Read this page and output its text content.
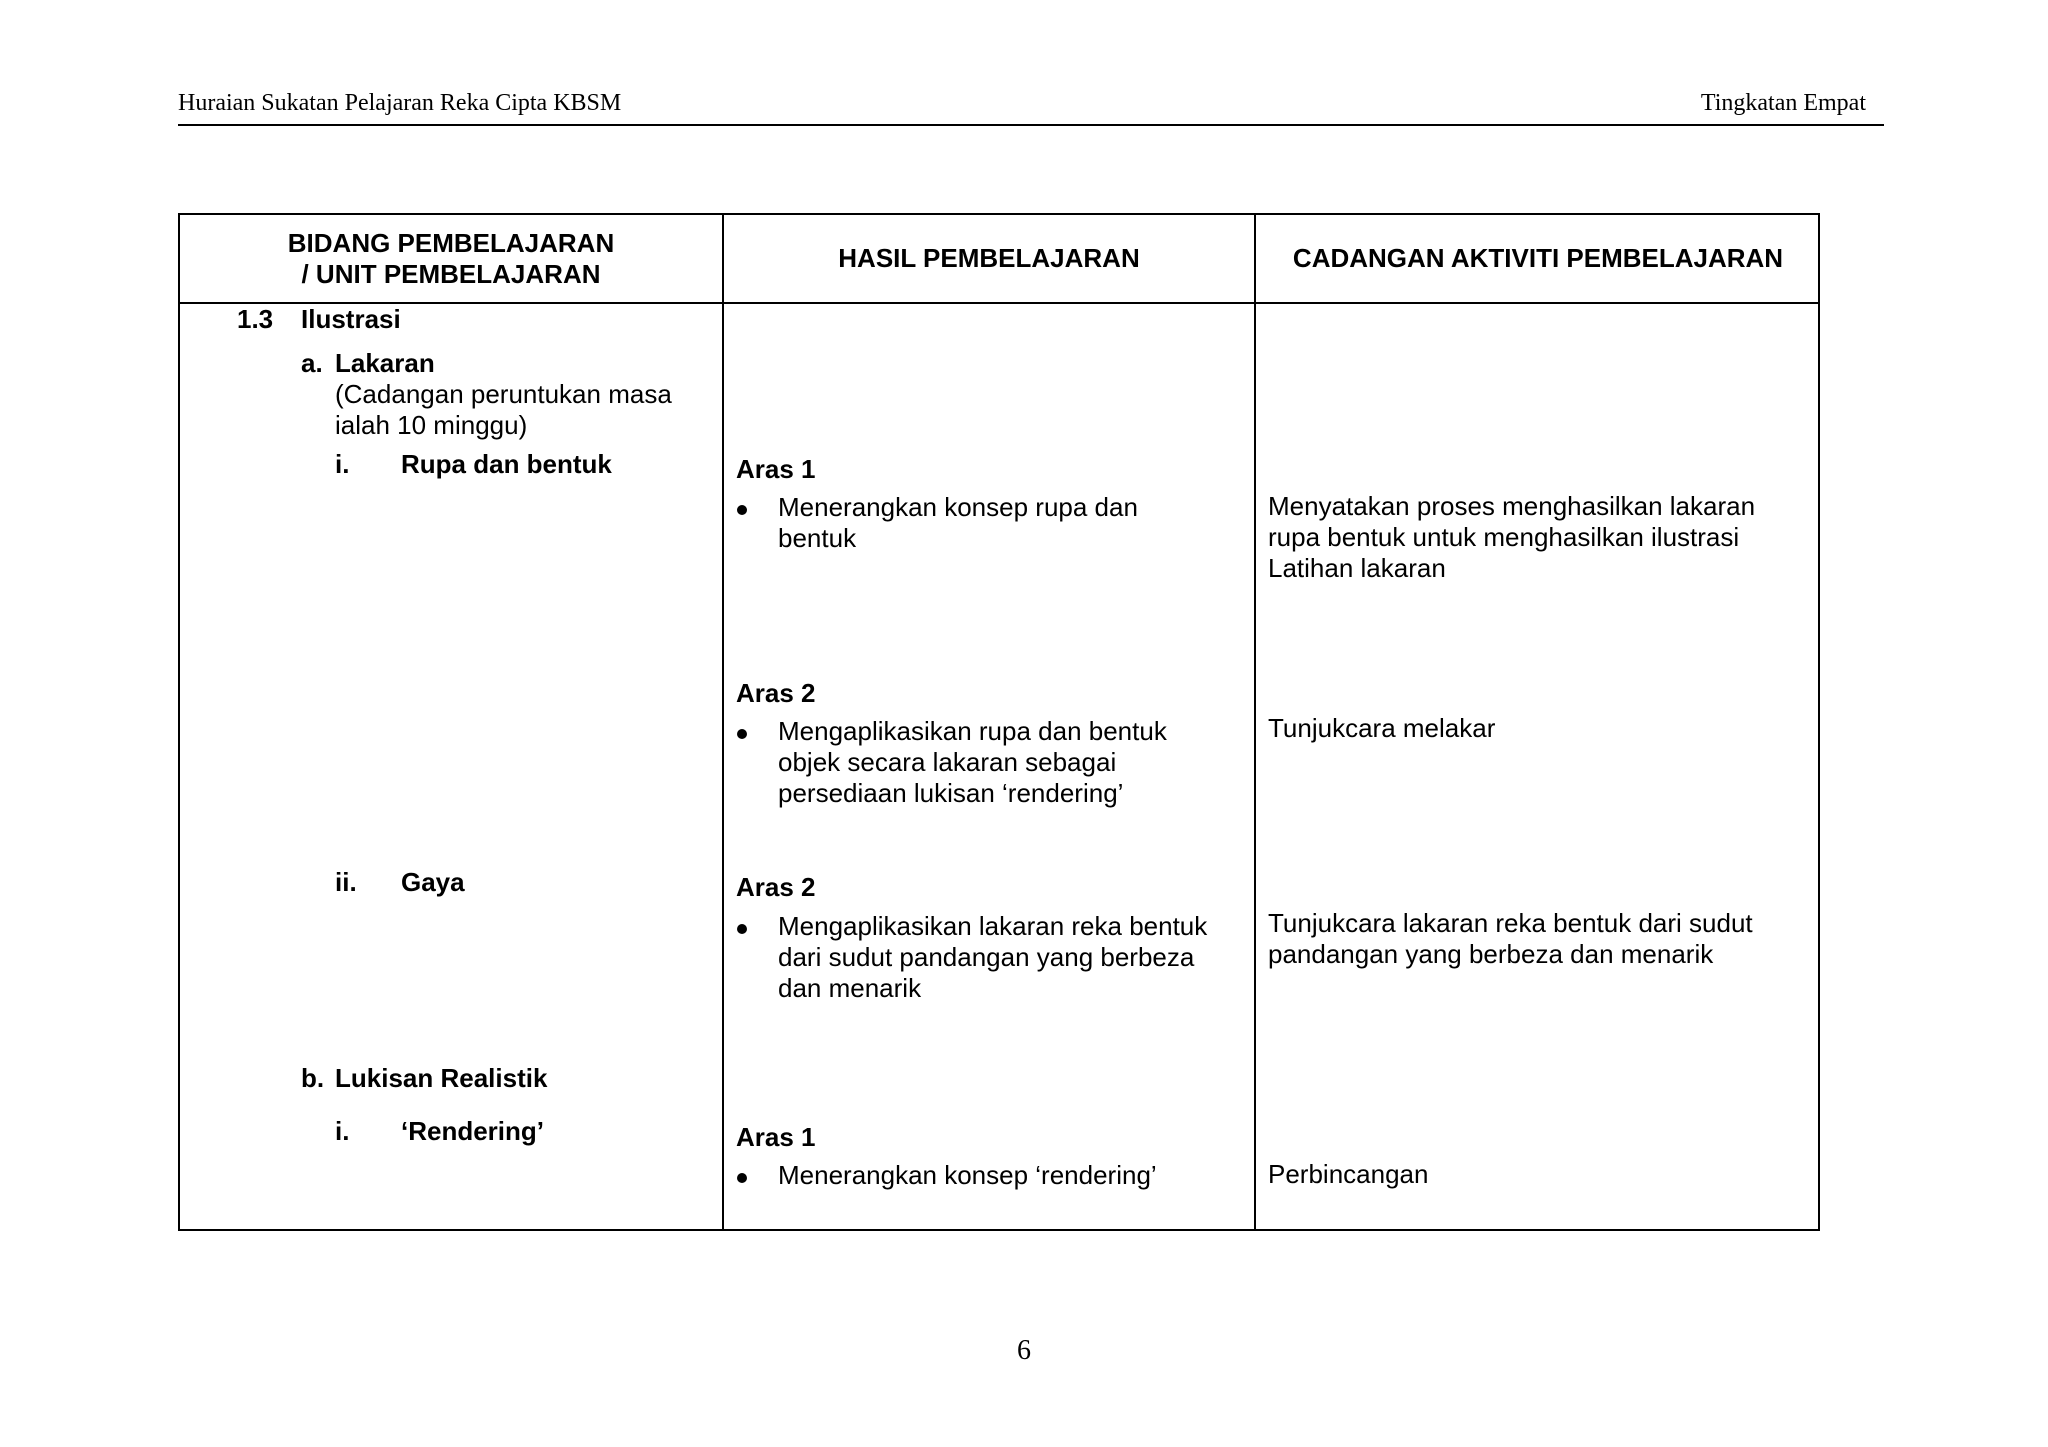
Huraian Sukatan Pelajaran Reka Cipta KBSM	Tingkatan Empat
BIDANG PEMBELAJARAN
/ UNIT PEMBELAJARAN
HASIL PEMBELAJARAN	CADANGAN AKTIVITI PEMBELAJARAN
1.3 Ilustrasi
a. Lakaran
(Cadangan peruntukan masa
ialah 10 minggu)
i. Rupa dan bentuk
ii. Gaya
b. Lukisan Realistik
i. ‘Rendering’
Aras 1
Menerangkan konsep rupa dan
bentuk
Aras 2
Mengaplikasikan rupa dan bentuk
objek secara lakaran sebagai
persediaan lukisan ‘rendering’
Aras 2
Mengaplikasikan lakaran reka bentuk
dari sudut pandangan yang berbeza
dan menarik
Aras 1
Menerangkan konsep ‘rendering’
Menyatakan proses menghasilkan lakaran
rupa bentuk untuk menghasilkan ilustrasi
Latihan lakaran
Tunjukcara melakar
Tunjukcara lakaran reka bentuk dari sudut
pandangan yang berbeza dan menarik
Perbincangan
6
